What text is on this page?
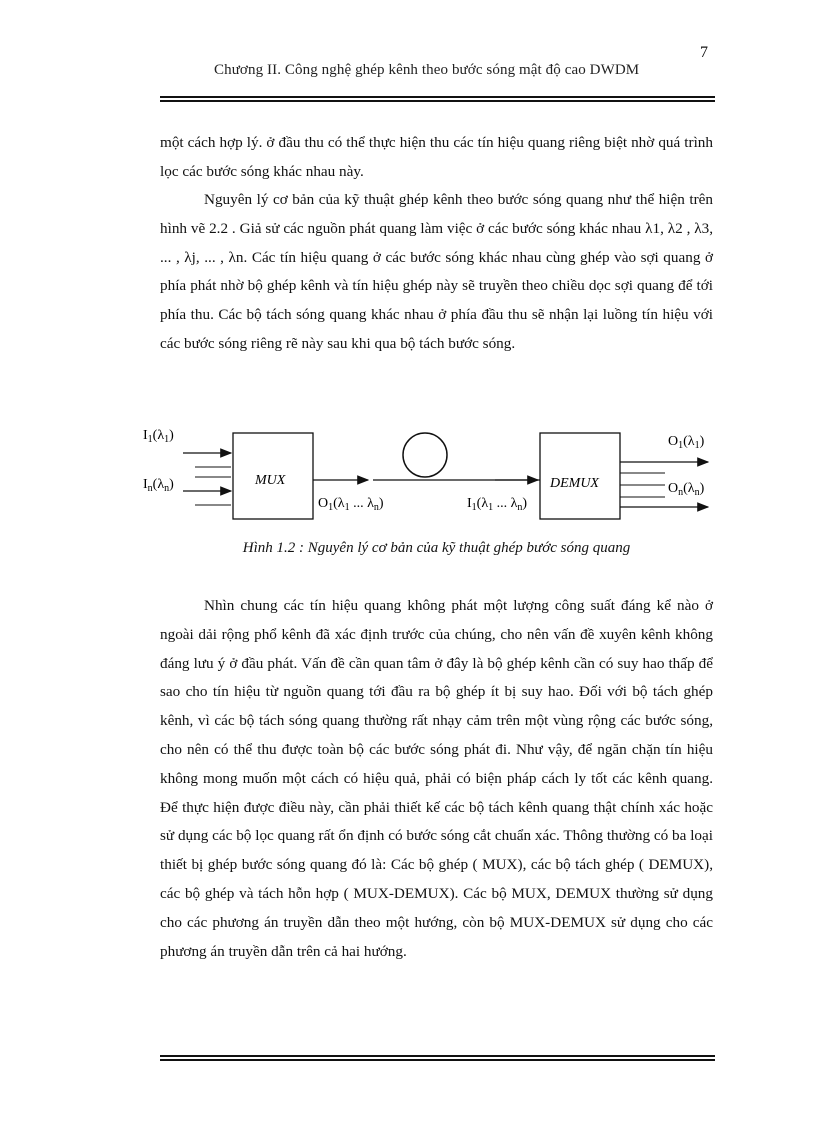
7
Chương II. Công nghệ ghép kênh theo bước sóng mật độ cao DWDM

một cách hợp lý. ở đầu thu có thể thực hiện thu các tín hiệu quang riêng biệt nhờ quá trình lọc các bước sóng khác nhau này.

Nguyên lý cơ bản của kỹ thuật ghép kênh theo bước sóng quang như thể hiện trên hình vẽ 2.2 . Giả sử các nguồn phát quang làm việc ở các bước sóng khác nhau λ1, λ2 , λ3, ... , λj, ... , λn. Các tín hiệu quang ở các bước sóng khác nhau cùng ghép vào sợi quang ở phía phát nhờ bộ ghép kênh và tín hiệu ghép này sẽ truyền theo chiều dọc sợi quang để tới phía thu. Các bộ tách sóng quang khác nhau ở phía đầu thu sẽ nhận lại luồng tín hiệu với các bước sóng riêng rẽ này sau khi qua bộ tách bước sóng.

MUX
$I_1(\lambda_1)$
$I_n(\lambda_n)$
$O_1(\lambda_1$ ... $\lambda_n$)	$I_1(\lambda_1$ ... $\lambda_n$)
DEMUX
$O_1(\lambda_1)$
$O_n(\lambda_n)$
Hình 1.2 : Nguyên lý cơ bản của kỹ thuật ghép bước sóng quang

Nhìn chung các tín hiệu quang không phát một lượng công suất đáng kể nào ở ngoài dải rộng phổ kênh đã xác định trước của chúng, cho nên vấn đề xuyên kênh không đáng lưu ý ở đầu phát. Vấn đề cần quan tâm ở đây là bộ ghép kênh cần có suy hao thấp để sao cho tín hiệu từ nguồn quang tới đầu ra bộ ghép ít bị suy hao. Đối với bộ tách ghép kênh, vì các bộ tách sóng quang thường rất nhạy cảm trên một vùng rộng các bước sóng, cho nên có thể thu được toàn bộ các bước sóng phát đi. Như vậy, để ngăn chặn tín hiệu không mong muốn một cách có hiệu quả, phải có biện pháp cách ly tốt các kênh quang. Để thực hiện được điều này, cần phải thiết kế các bộ tách kênh quang thật chính xác hoặc sử dụng các bộ lọc quang rất ổn định có bước sóng cắt chuẩn xác. Thông thường có ba loại thiết bị ghép bước sóng quang đó là: Các bộ ghép ( MUX), các bộ tách ghép ( DEMUX), các bộ ghép và tách hỗn hợp ( MUX-DEMUX). Các bộ MUX, DEMUX thường sử dụng cho các phương án truyền dẫn theo một hướng, còn bộ MUX-DEMUX sử dụng cho các phương án truyền dẫn trên cả hai hướng.
